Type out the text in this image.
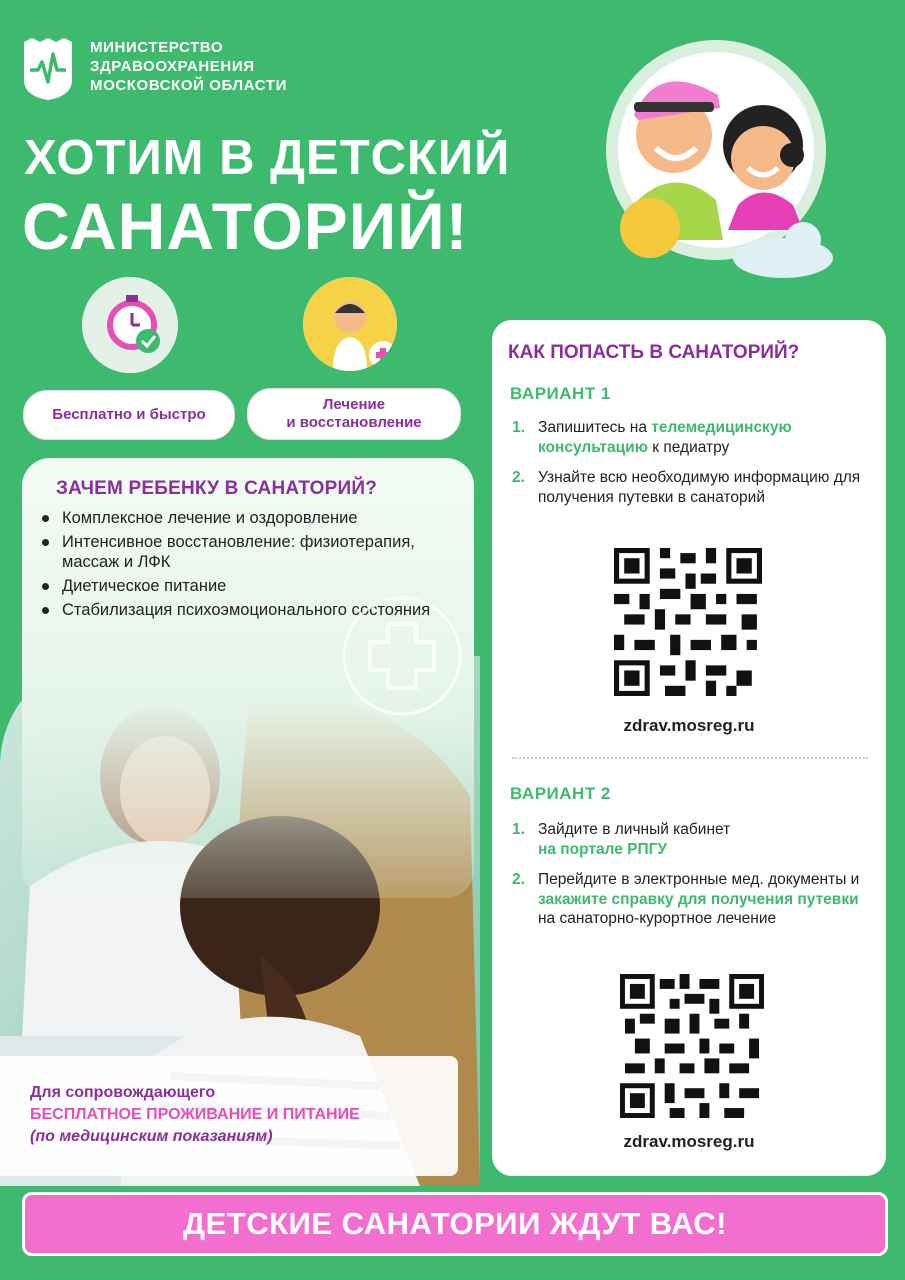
МИНИСТЕРСТВО
ЗДРАВООХРАНЕНИЯ
МОСКОВСКОЙ ОБЛАСТИ
ХОТИМ В ДЕТСКИЙ
САНАТОРИЙ!
Бесплатно и быстро
Лечение
и восстановление
ЗАЧЕМ РЕБЕНКУ В САНАТОРИЙ?
Комплексное лечение и оздоровление
Интенсивное восстановление: физиотерапия, массаж и ЛФК
Диетическое питание
Стабилизация психоэмоционального состояния
Для сопровождающего
БЕСПЛАТНОЕ ПРОЖИВАНИЕ И ПИТАНИЕ
(по медицинским показаниям)
КАК ПОПАСТЬ В САНАТОРИЙ?
ВАРИАНТ 1
1. Запишитесь на телемедицинскую консультацию к педиатру
2. Узнайте всю необходимую информацию для получения путевки в санаторий
zdrav.mosreg.ru
ВАРИАНТ 2
1. Зайдите в личный кабинет
на портале РПГУ
2. Перейдите в электронные мед. документы и закажите справку для получения путевки
на санаторно-курортное лечение
zdrav.mosreg.ru
ДЕТСКИЕ САНАТОРИИ ЖДУТ ВАС!
